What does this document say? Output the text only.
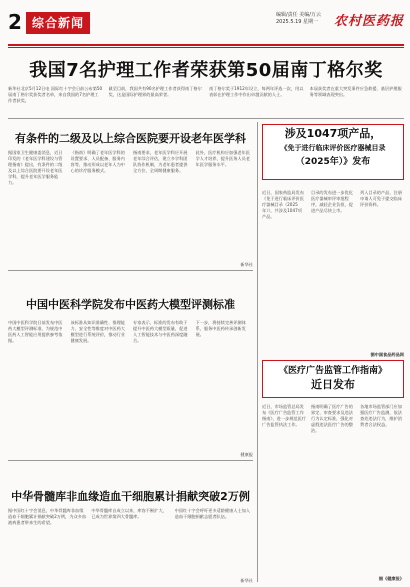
2 综合新闻
编辑/责任 美编/万云
2025.5.19 星期一	农村医药报
我国7名护理工作者荣获第50届南丁格尔奖
新华社北京5月12日电 国际红十字会日前公布第50届南丁格尔奖获奖者名单，来自我国的7名护理工作者获奖。
截至目前，我国共有90名护理工作者获得南丁格尔奖，这是国际护理界的最高荣誉。
南丁格尔奖于1912年设立，每两年评选一次，用以表彰在护理工作中作出卓越贡献的人士。
本届获奖者在重大突发事件应急救援、基层护理服务等领域表现突出。
有条件的二级及以上综合医院要开设老年医学科
据国家卫生健康委消息，近日印发的《老年医学科建设与管理指南》提出，有条件的二级及以上综合医院要开设老年医学科，提升老年医学服务能力。
《指南》明确了老年医学科的设置要求、人员配备、服务内容等，推动形成以老年人为中心的诊疗服务模式。
指南要求，老年医学科应开展老年综合评估，建立多学科团队协作机制，为老年患者提供全方位、全周期健康服务。
此外，医疗机构应加强老年医学人才培养，提升医务人员老年医学服务水平。
新华社
中国中医科学院发布中医药大模型评测标准
中国中医科学院日前发布中医药大模型评测标准，为规范中医药人工智能应用提供参考依据。
该标准从知识准确性、推理能力、安全性等维度对中医药大模型进行系统评价，推动行业健康发展。
专家表示，标准的发布有助于提升中医药大模型质量，促进人工智能技术与中医药深度融合。
下一步，将持续完善评测体系，服务中医药传承创新发展。
健康报
中华骨髓库非血缘造血干细胞累计捐献突破2万例
据中国红十字会消息，中华骨髓库非血缘造血干细胞累计捐献突破2万例，为众多血液病患者带来生的希望。
中华骨髓库自成立以来，库容不断扩大，已成为世界第四大骨髓库。
中国红十字会呼吁更多适龄健康人士加入造血干细胞捐献志愿者队伍。
新华社
涉及1047项产品，
《免于进行临床评价医疗器械目录
（2025年）》发布
近日，国家药监局发布《免于进行临床评价医疗器械目录（2025年）》，共涉及1047项产品。
目录的发布进一步优化医疗器械审评审批程序，减轻企业负担，促进产品尽快上市。
列入目录的产品，注册申请人可免于提交临床评价资料。
据中国食品药品网
《医疗广告监管工作指南》
近日发布
近日，市场监管总局发布《医疗广告监管工作指南》，进一步规范医疗广告监管执法工作。
指南明确了医疗广告的界定、审查要求及违法行为认定标准，强化对虚假违法医疗广告的整治。
各地市场监管部门应加强医疗广告监测，依法查处违法行为，维护消费者合法权益。
据《健康报》
